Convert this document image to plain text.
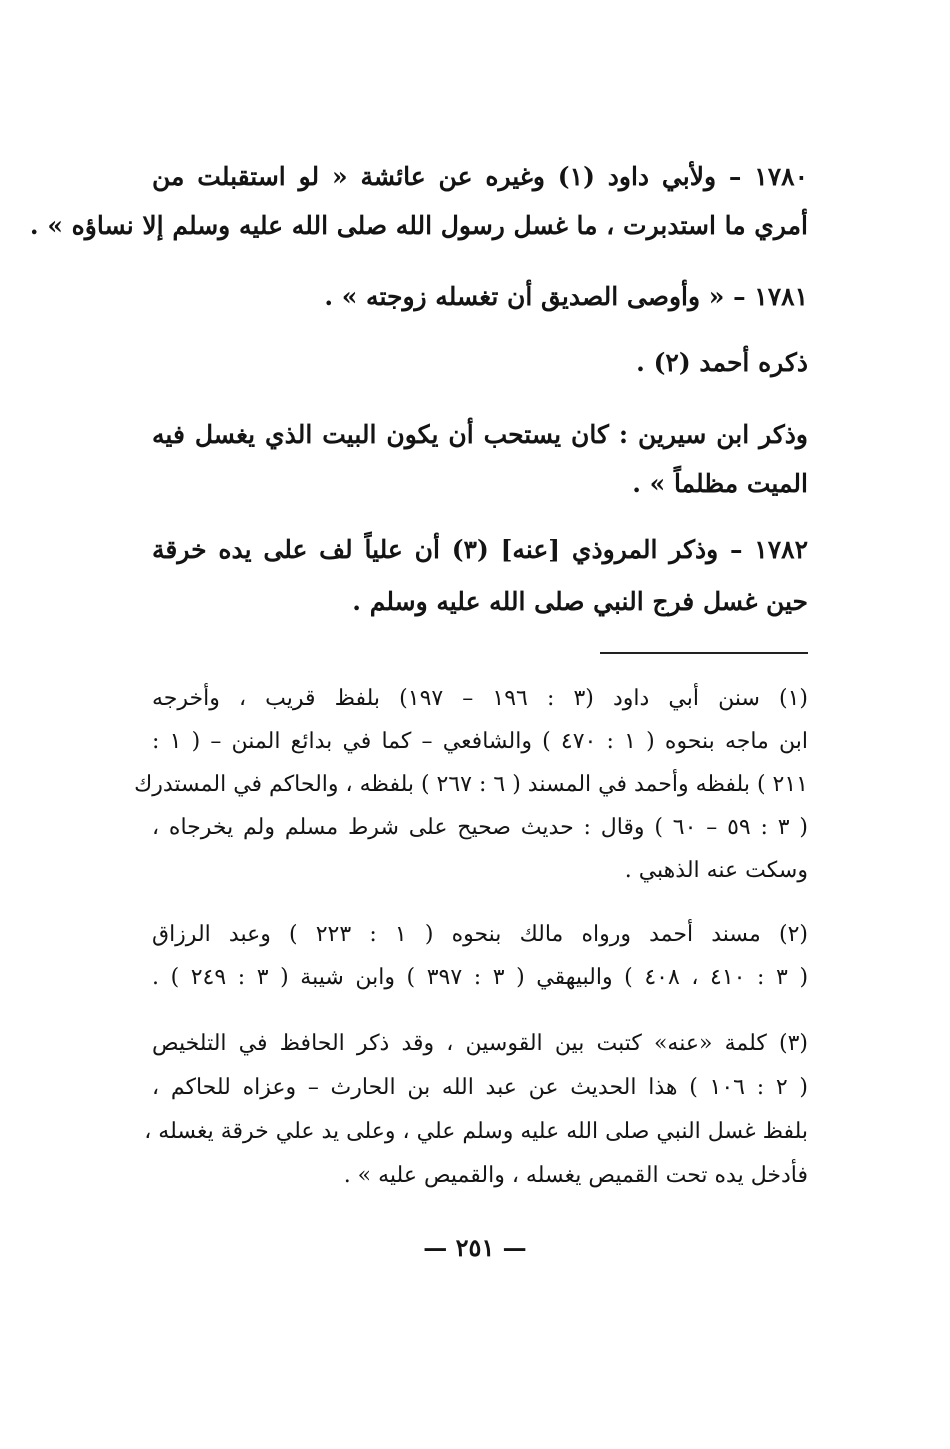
١٧٨٠ – ولأبي داود (١) وغيره عن عائشة « لو استقبلت من
أمري ما استدبرت ، ما غسل رسول الله صلى الله عليه وسلم إلا نساؤه » .
١٧٨١ – « وأوصى الصديق أن تغسله زوجته » .
ذكره أحمد (٢) .
وذكر ابن سيرين : كان يستحب أن يكون البيت الذي يغسل فيه
الميت مظلماً » .
١٧٨٢ – وذكر المروذي [عنه] (٣) أن علياً لف على يده خرقة
حين غسل فرج النبي صلى الله عليه وسلم .
(١) سنن أبي داود (٣ : ١٩٦ – ١٩٧) بلفظ قريب ، وأخرجه
ابن ماجه بنحوه ( ١ : ٤٧٠ ) والشافعي – كما في بدائع المنن – ( ١ :
٢١١ ) بلفظه وأحمد في المسند ( ٦ : ٢٦٧ ) بلفظه ، والحاكم في المستدرك
( ٣ : ٥٩ – ٦٠ ) وقال : حديث صحيح على شرط مسلم ولم يخرجاه ،
وسكت عنه الذهبي .
(٢) مسند أحمد ورواه مالك بنحوه ( ١ : ٢٢٣ ) وعبد الرزاق
( ٣ : ٤١٠ ، ٤٠٨ ) والبيهقي ( ٣ : ٣٩٧ ) وابن شيبة ( ٣ : ٢٤٩ ) .
(٣) كلمة «عنه» كتبت بين القوسين ، وقد ذكر الحافظ في التلخيص
( ٢ : ١٠٦ ) هذا الحديث عن عبد الله بن الحارث – وعزاه للحاكم ،
بلفظ غسل النبي صلى الله عليه وسلم علي ، وعلى يد علي خرقة يغسله ،
فأدخل يده تحت القميص يغسله ، والقميص عليه » .
— ٢٥١ —
